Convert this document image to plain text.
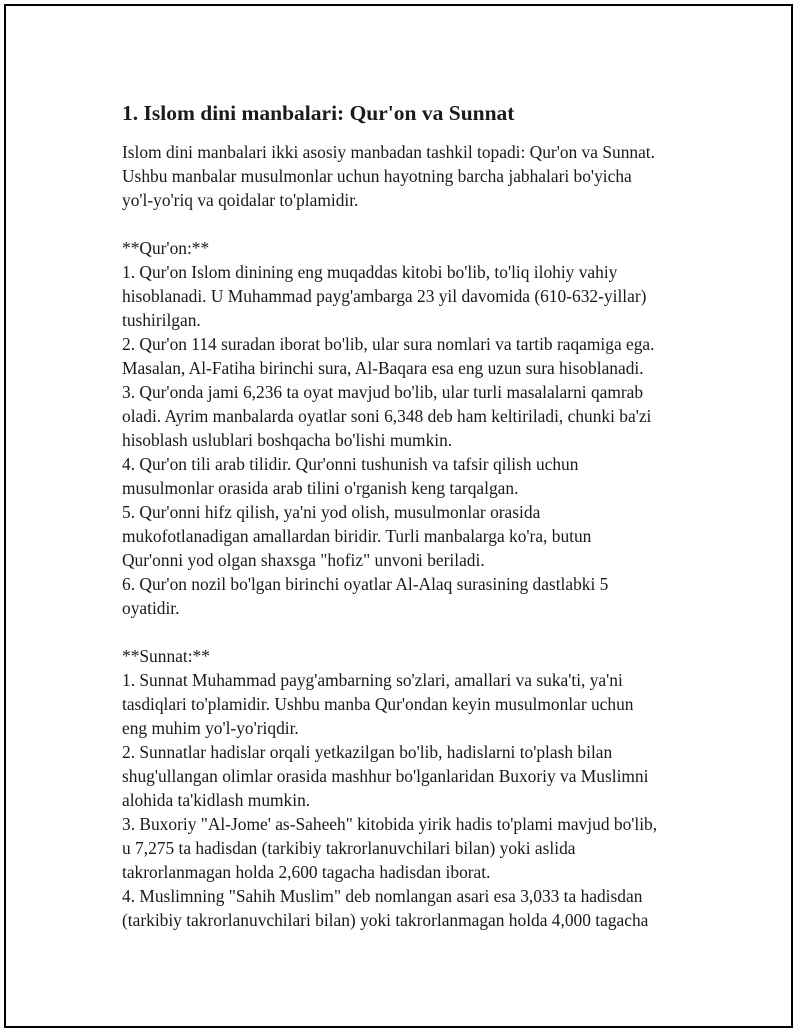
1. Islom dini manbalari: Qur'on va Sunnat
Islom dini manbalari ikki asosiy manbadan tashkil topadi: Qur'on va Sunnat.
Ushbu manbalar musulmonlar uchun hayotning barcha jabhalari bo'yicha
yo'l-yo'riq va qoidalar to'plamidir.
**Qur'on:**
1. Qur'on Islom dinining eng muqaddas kitobi bo'lib, to'liq ilohiy vahiy
hisoblanadi. U Muhammad payg'ambarga 23 yil davomida (610-632-yillar)
tushirilgan.
2. Qur'on 114 suradan iborat bo'lib, ular sura nomlari va tartib raqamiga ega.
Masalan, Al-Fatiha birinchi sura, Al-Baqara esa eng uzun sura hisoblanadi.
3. Qur'onda jami 6,236 ta oyat mavjud bo'lib, ular turli masalalarni qamrab
oladi. Ayrim manbalarda oyatlar soni 6,348 deb ham keltiriladi, chunki ba'zi
hisoblash uslublari boshqacha bo'lishi mumkin.
4. Qur'on tili arab tilidir. Qur'onni tushunish va tafsir qilish uchun
musulmonlar orasida arab tilini o'rganish keng tarqalgan.
5. Qur'onni hifz qilish, ya'ni yod olish, musulmonlar orasida
mukofotlanadigan amallardan biridir. Turli manbalarga ko'ra, butun
Qur'onni yod olgan shaxsga "hofiz" unvoni beriladi.
6. Qur'on nozil bo'lgan birinchi oyatlar Al-Alaq surasining dastlabki 5
oyatidir.
**Sunnat:**
1. Sunnat Muhammad payg'ambarning so'zlari, amallari va suka'ti, ya'ni
tasdiqlari to'plamidir. Ushbu manba Qur'ondan keyin musulmonlar uchun
eng muhim yo'l-yo'riqdir.
2. Sunnatlar hadislar orqali yetkazilgan bo'lib, hadislarni to'plash bilan
shug'ullangan olimlar orasida mashhur bo'lganlaridan Buxoriy va Muslimni
alohida ta'kidlash mumkin.
3. Buxoriy "Al-Jome' as-Saheeh" kitobida yirik hadis to'plami mavjud bo'lib,
u 7,275 ta hadisdan (tarkibiy takrorlanuvchilari bilan) yoki aslida
takrorlanmagan holda 2,600 tagacha hadisdan iborat.
4. Muslimning "Sahih Muslim" deb nomlangan asari esa 3,033 ta hadisdan
(tarkibiy takrorlanuvchilari bilan) yoki takrorlanmagan holda 4,000 tagacha
